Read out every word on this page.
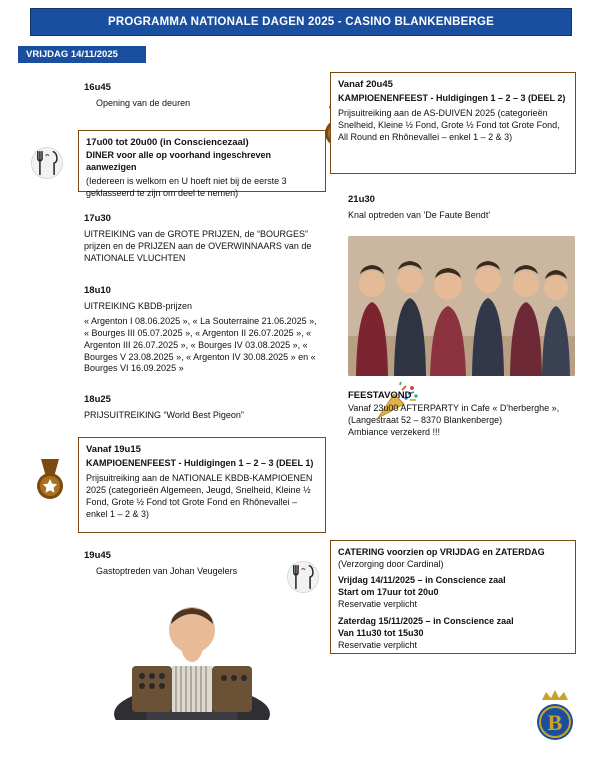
PROGRAMMA NATIONALE DAGEN 2025 - CASINO BLANKENBERGE
VRIJDAG 14/11/2025
16u45
Opening van de deuren
17u00 tot 20u00 (in Consciencezaal)
DINER voor alle op voorhand ingeschreven aanwezigen
(Iedereen is welkom en U hoeft niet bij de eerste 3 geklasseerd te zijn om deel te nemen)
17u30
UITREIKING van de GROTE PRIJZEN, de “BOURGES” prijzen en de PRIJZEN aan de OVERWINNAARS van de NATIONALE VLUCHTEN
18u10
UITREIKING KBDB-prijzen
« Argenton I 08.06.2025 », « La Souterraine 21.06.2025 », « Bourges III 05.07.2025 », « Argenton II 26.07.2025 », « Argenton III 26.07.2025 », « Bourges IV 03.08.2025 », « Bourges V 23.08.2025 », « Argenton IV 30.08.2025 » en « Bourges VI 16.09.2025 »
18u25
PRIJSUITREIKING “World Best Pigeon”
Vanaf 19u15
KAMPIOENENFEEST - Huldigingen 1 – 2 – 3 (DEEL 1)
Prijsuitreiking aan de NATIONALE KBDB-KAMPIOENEN 2025 (categorieën Algemeen, Jeugd, Snelheid, Kleine ½ Fond, Grote ½ Fond tot Grote Fond en Rhônevallei – enkel 1 – 2 & 3)
19u45
Gastoptreden van Johan Veugelers
CATERING voorzien op VRIJDAG en ZATERDAG
(Verzorging door Cardinal)
Vrijdag 14/11/2025 – in Conscience zaal
Start om 17uur tot 20u0
Reservatie verplicht
Zaterdag 15/11/2025 – in Conscience zaal
Van 11u30 tot 15u30
Reservatie verplicht
Vanaf 20u45
KAMPIOENENFEEST - Huldigingen 1 – 2 – 3 (DEEL 2)
Prijsuitreiking aan de AS-DUIVEN 2025 (categorieën Snelheid, Kleine ½ Fond, Grote ½ Fond tot Grote Fond, All Round en Rhônevallei – enkel 1 – 2 & 3)
21u30
Knal optreden van 'De Faute Bendt'
FEESTAVOND
Vanaf 23u00 AFTERPARTY in Cafe « D'herberghe »,
(Langestraat 52 – 8370 Blankenberge)
Ambiance verzekerd !!!
B
